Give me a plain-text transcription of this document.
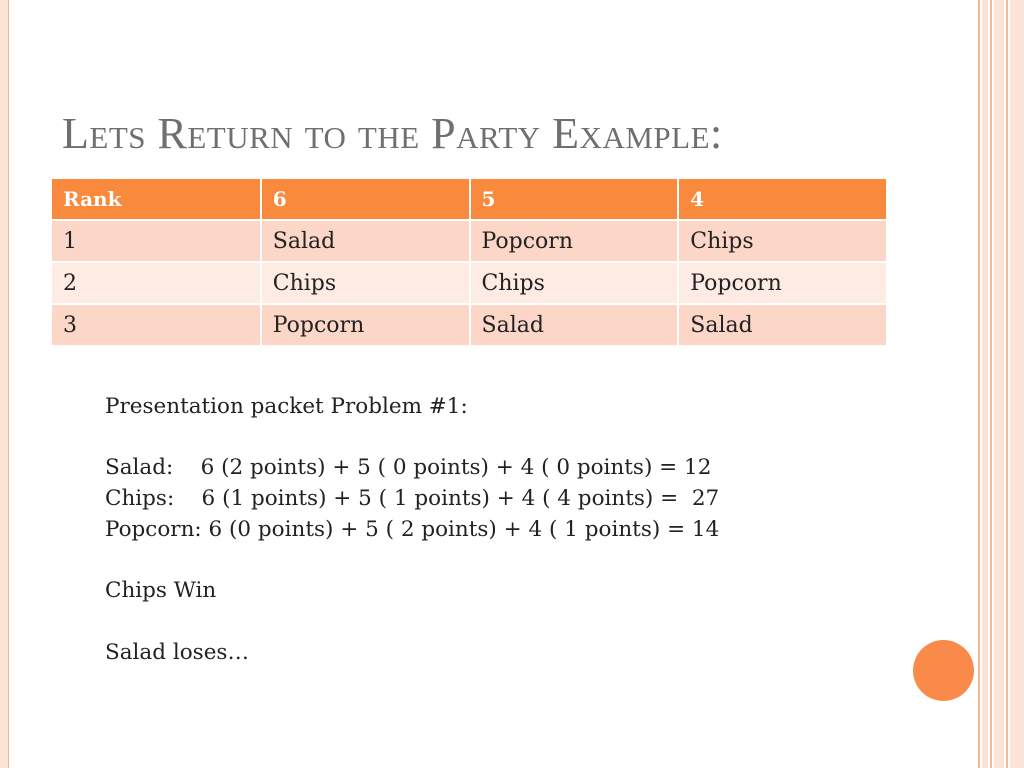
Lets Return to the Party Example:
Rank	6	5	4
1	Salad	Popcorn	Chips
2	Chips	Chips	Popcorn
3	Popcorn	Salad	Salad
Presentation packet Problem #1:
Salad:    6 (2 points) + 5 ( 0 points) + 4 ( 0 points) = 12
Chips:    6 (1 points) + 5 ( 1 points) + 4 ( 4 points) =  27
Popcorn: 6 (0 points) + 5 ( 2 points) + 4 ( 1 points) = 14
Chips Win
Salad loses…
